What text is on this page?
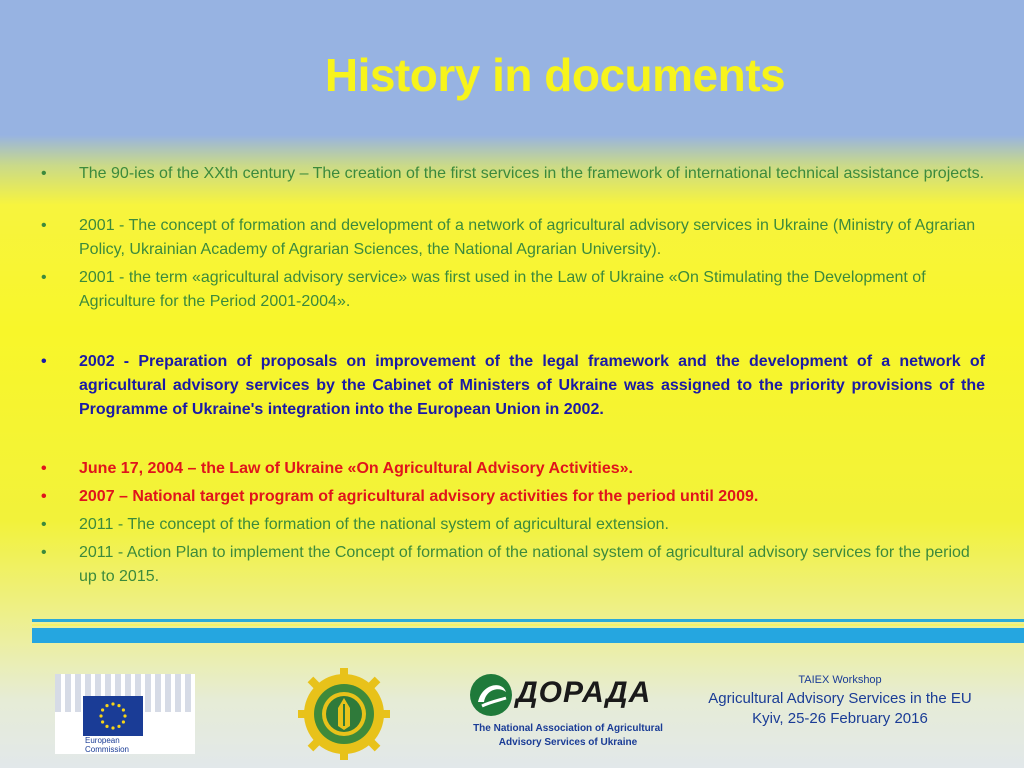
History in documents
• The 90-ies of the XXth century – The creation of the first services in the framework of international technical assistance projects.
• 2001 - The concept of formation and development of a network of agricultural advisory services in Ukraine (Ministry of Agrarian Policy, Ukrainian Academy of Agrarian Sciences, the National Agrarian University).
• 2001 - the term «agricultural advisory service» was first used in the Law of Ukraine «On Stimulating the Development of Agriculture for the Period 2001-2004».
• 2002 - Preparation of proposals on improvement of the legal framework and the development of a network of agricultural advisory services by the Cabinet of Ministers of Ukraine was assigned to the priority provisions of the Programme of Ukraine's integration into the European Union in 2002.
• June 17, 2004 – the Law of Ukraine «On Agricultural Advisory Activities».
• 2007 – National target program of agricultural advisory activities for the period until 2009.
• 2011 - The concept of the formation of the national system of agricultural extension.
• 2011 - Action Plan to implement the Concept of formation of the national system of agricultural advisory services for the period up to 2015.
European
Commission
ДОРАДА
The National Association of Agricultural
Advisory Services of Ukraine
TAIEX Workshop
Agricultural Advisory Services in the EU
Kyiv, 25-26 February 2016
